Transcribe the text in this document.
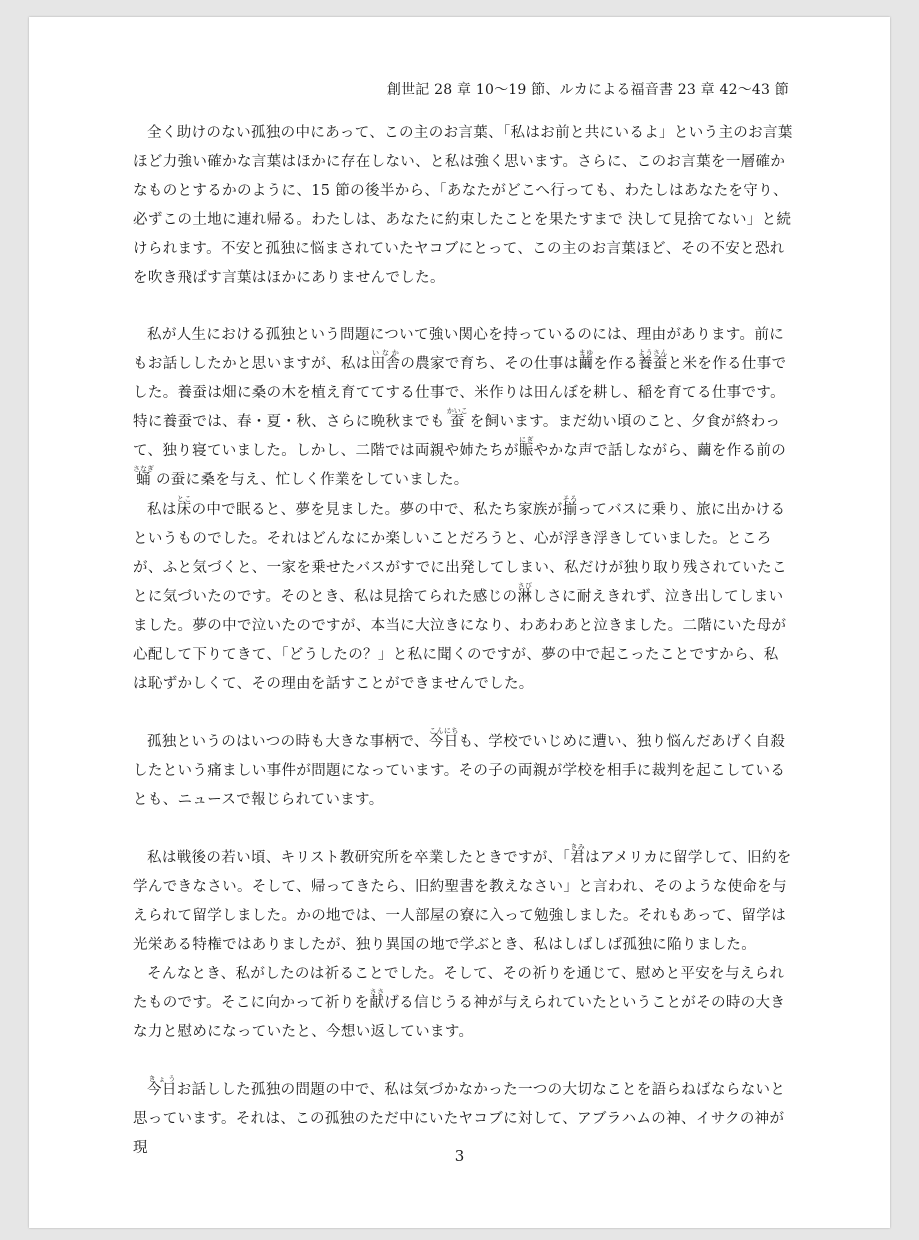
創世記 28 章 10〜19 節、ルカによる福音書 23 章 42〜43 節

全く助けのない孤独の中にあって、この主のお言葉、「私はお前と共にいるよ」という主のお言葉ほど力強い確かな言葉はほかに存在しない、と私は強く思います。さらに、このお言葉を一層確かなものとするかのように、15 節の後半から、「あなたがどこへ行っても、わたしはあなたを守り、必ずこの土地に連れ帰る。わたしは、あなたに約束したことを果たすまで 決して見捨てない」と続けられます。不安と孤独に悩まされていたヤコブにとって、この主のお言葉ほど、その不安と恐れを吹き飛ばす言葉はほかにありませんでした。

私が人生における孤独という問題について強い関心を持っているのには、理由があります。前にもお話ししたかと思いますが、私は田舎いなかの農家で育ち、その仕事は繭まゆを作る養蚕ようさんと米を作る仕事でした。養蚕は畑に桑の木を植え育ててする仕事で、米作りは田んぼを耕し、稲を育てる仕事です。特に養蚕では、春・夏・秋、さらに晩秋までも 蚕かいこ を飼います。まだ幼い頃のこと、夕食が終わって、独り寝ていました。しかし、二階では両親や姉たちが賑にぎやかな声で話しながら、繭を作る前の 蛹さなぎ の蚕に桑を与え、忙しく作業をしていました。

私は床とこの中で眠ると、夢を見ました。夢の中で、私たち家族が揃そろってバスに乗り、旅に出かけるというものでした。それはどんなにか楽しいことだろうと、心が浮き浮きしていました。ところが、ふと気づくと、一家を乗せたバスがすでに出発してしまい、私だけが独り取り残されていたことに気づいたのです。そのとき、私は見捨てられた感じの淋さびしさに耐えきれず、泣き出してしまいました。夢の中で泣いたのですが、本当に大泣きになり、わあわあと泣きました。二階にいた母が心配して下りてきて、「どうしたの？」と私に聞くのですが、夢の中で起こったことですから、私は恥ずかしくて、その理由を話すことができませんでした。

孤独というのはいつの時も大きな事柄で、今日こんにちも、学校でいじめに遭い、独り悩んだあげく自殺したという痛ましい事件が問題になっています。その子の両親が学校を相手に裁判を起こしているとも、ニュースで報じられています。

私は戦後の若い頃、キリスト教研究所を卒業したときですが、「君きみはアメリカに留学して、旧約を学んできなさい。そして、帰ってきたら、旧約聖書を教えなさい」と言われ、そのような使命を与えられて留学しました。かの地では、一人部屋の寮に入って勉強しました。それもあって、留学は光栄ある特権ではありましたが、独り異国の地で学ぶとき、私はしばしば孤独に陥りました。

そんなとき、私がしたのは祈ることでした。そして、その祈りを通じて、慰めと平安を与えられたものです。そこに向かって祈りを献ささげる信じうる神が与えられていたということがその時の大きな力と慰めになっていたと、今想い返しています。

今日きょうお話しした孤独の問題の中で、私は気づかなかった一つの大切なことを語らねばならないと思っています。それは、この孤独のただ中にいたヤコブに対して、アブラハムの神、イサクの神が現	3
